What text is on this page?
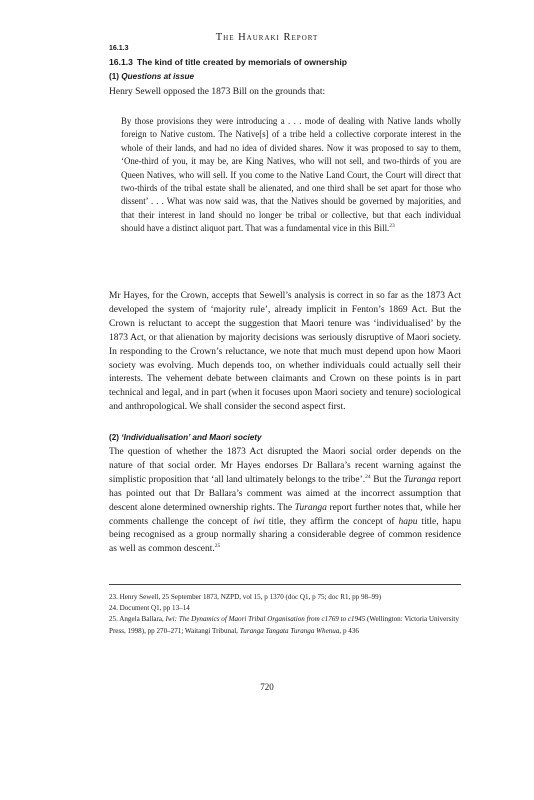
The Hauraki Report
16.1.3
16.1.3 The kind of title created by memorials of ownership
(1) Questions at issue

Henry Sewell opposed the 1873 Bill on the grounds that:

By those provisions they were introducing a . . . mode of dealing with Native lands wholly foreign to Native custom. The Native[s] of a tribe held a collective corporate interest in the whole of their lands, and had no idea of divided shares. Now it was proposed to say to them, ‘One-third of you, it may be, are King Natives, who will not sell, and two-thirds of you are Queen Natives, who will sell. If you come to the Native Land Court, the Court will direct that two-thirds of the tribal estate shall be alienated, and one third shall be set apart for those who dissent’ . . . What was now said was, that the Natives should be governed by majorities, and that their interest in land should no longer be tribal or collective, but that each individual should have a distinct aliquot part. That was a fundamental vice in this Bill.$^{23}$

Mr Hayes, for the Crown, accepts that Sewell’s analysis is correct in so far as the 1873 Act developed the system of ‘majority rule’, already implicit in Fenton’s 1869 Act. But the Crown is reluctant to accept the suggestion that Maori tenure was ‘individualised’ by the 1873 Act, or that alienation by majority decisions was seriously disruptive of Maori society. In responding to the Crown’s reluctance, we note that much must depend upon how Maori society was evolving. Much depends too, on whether individuals could actually sell their interests. The vehement debate between claimants and Crown on these points is in part technical and legal, and in part (when it focuses upon Maori society and tenure) sociological and anthropological. We shall consider the second aspect first.

(2) ‘Individualisation’ and Maori society

The question of whether the 1873 Act disrupted the Maori social order depends on the nature of that social order. Mr Hayes endorses Dr Ballara’s recent warning against the simplistic proposition that ‘all land ultimately belongs to the tribe’.$^{24}$ But the Turanga report has pointed out that Dr Ballara’s comment was aimed at the incorrect assumption that descent alone determined ownership rights. The Turanga report further notes that, while her comments challenge the concept of iwi title, they affirm the concept of hapu title, hapu being recognised as a group normally sharing a considerable degree of common residence as well as common descent.$^{25}$

23. Henry Sewell, 25 September 1873, NZPD, vol 15, p 1370 (doc Q1, p 75; doc R1, pp 98–99)

24. Document Q1, pp 13–14

25. Angela Ballara, Iwi: The Dynamics of Maori Tribal Organisation from c1769 to c1945 (Wellington: Victoria University Press, 1998), pp 270–271; Waitangi Tribunal, Turanga Tangata Turanga Whenua, p 436

720
